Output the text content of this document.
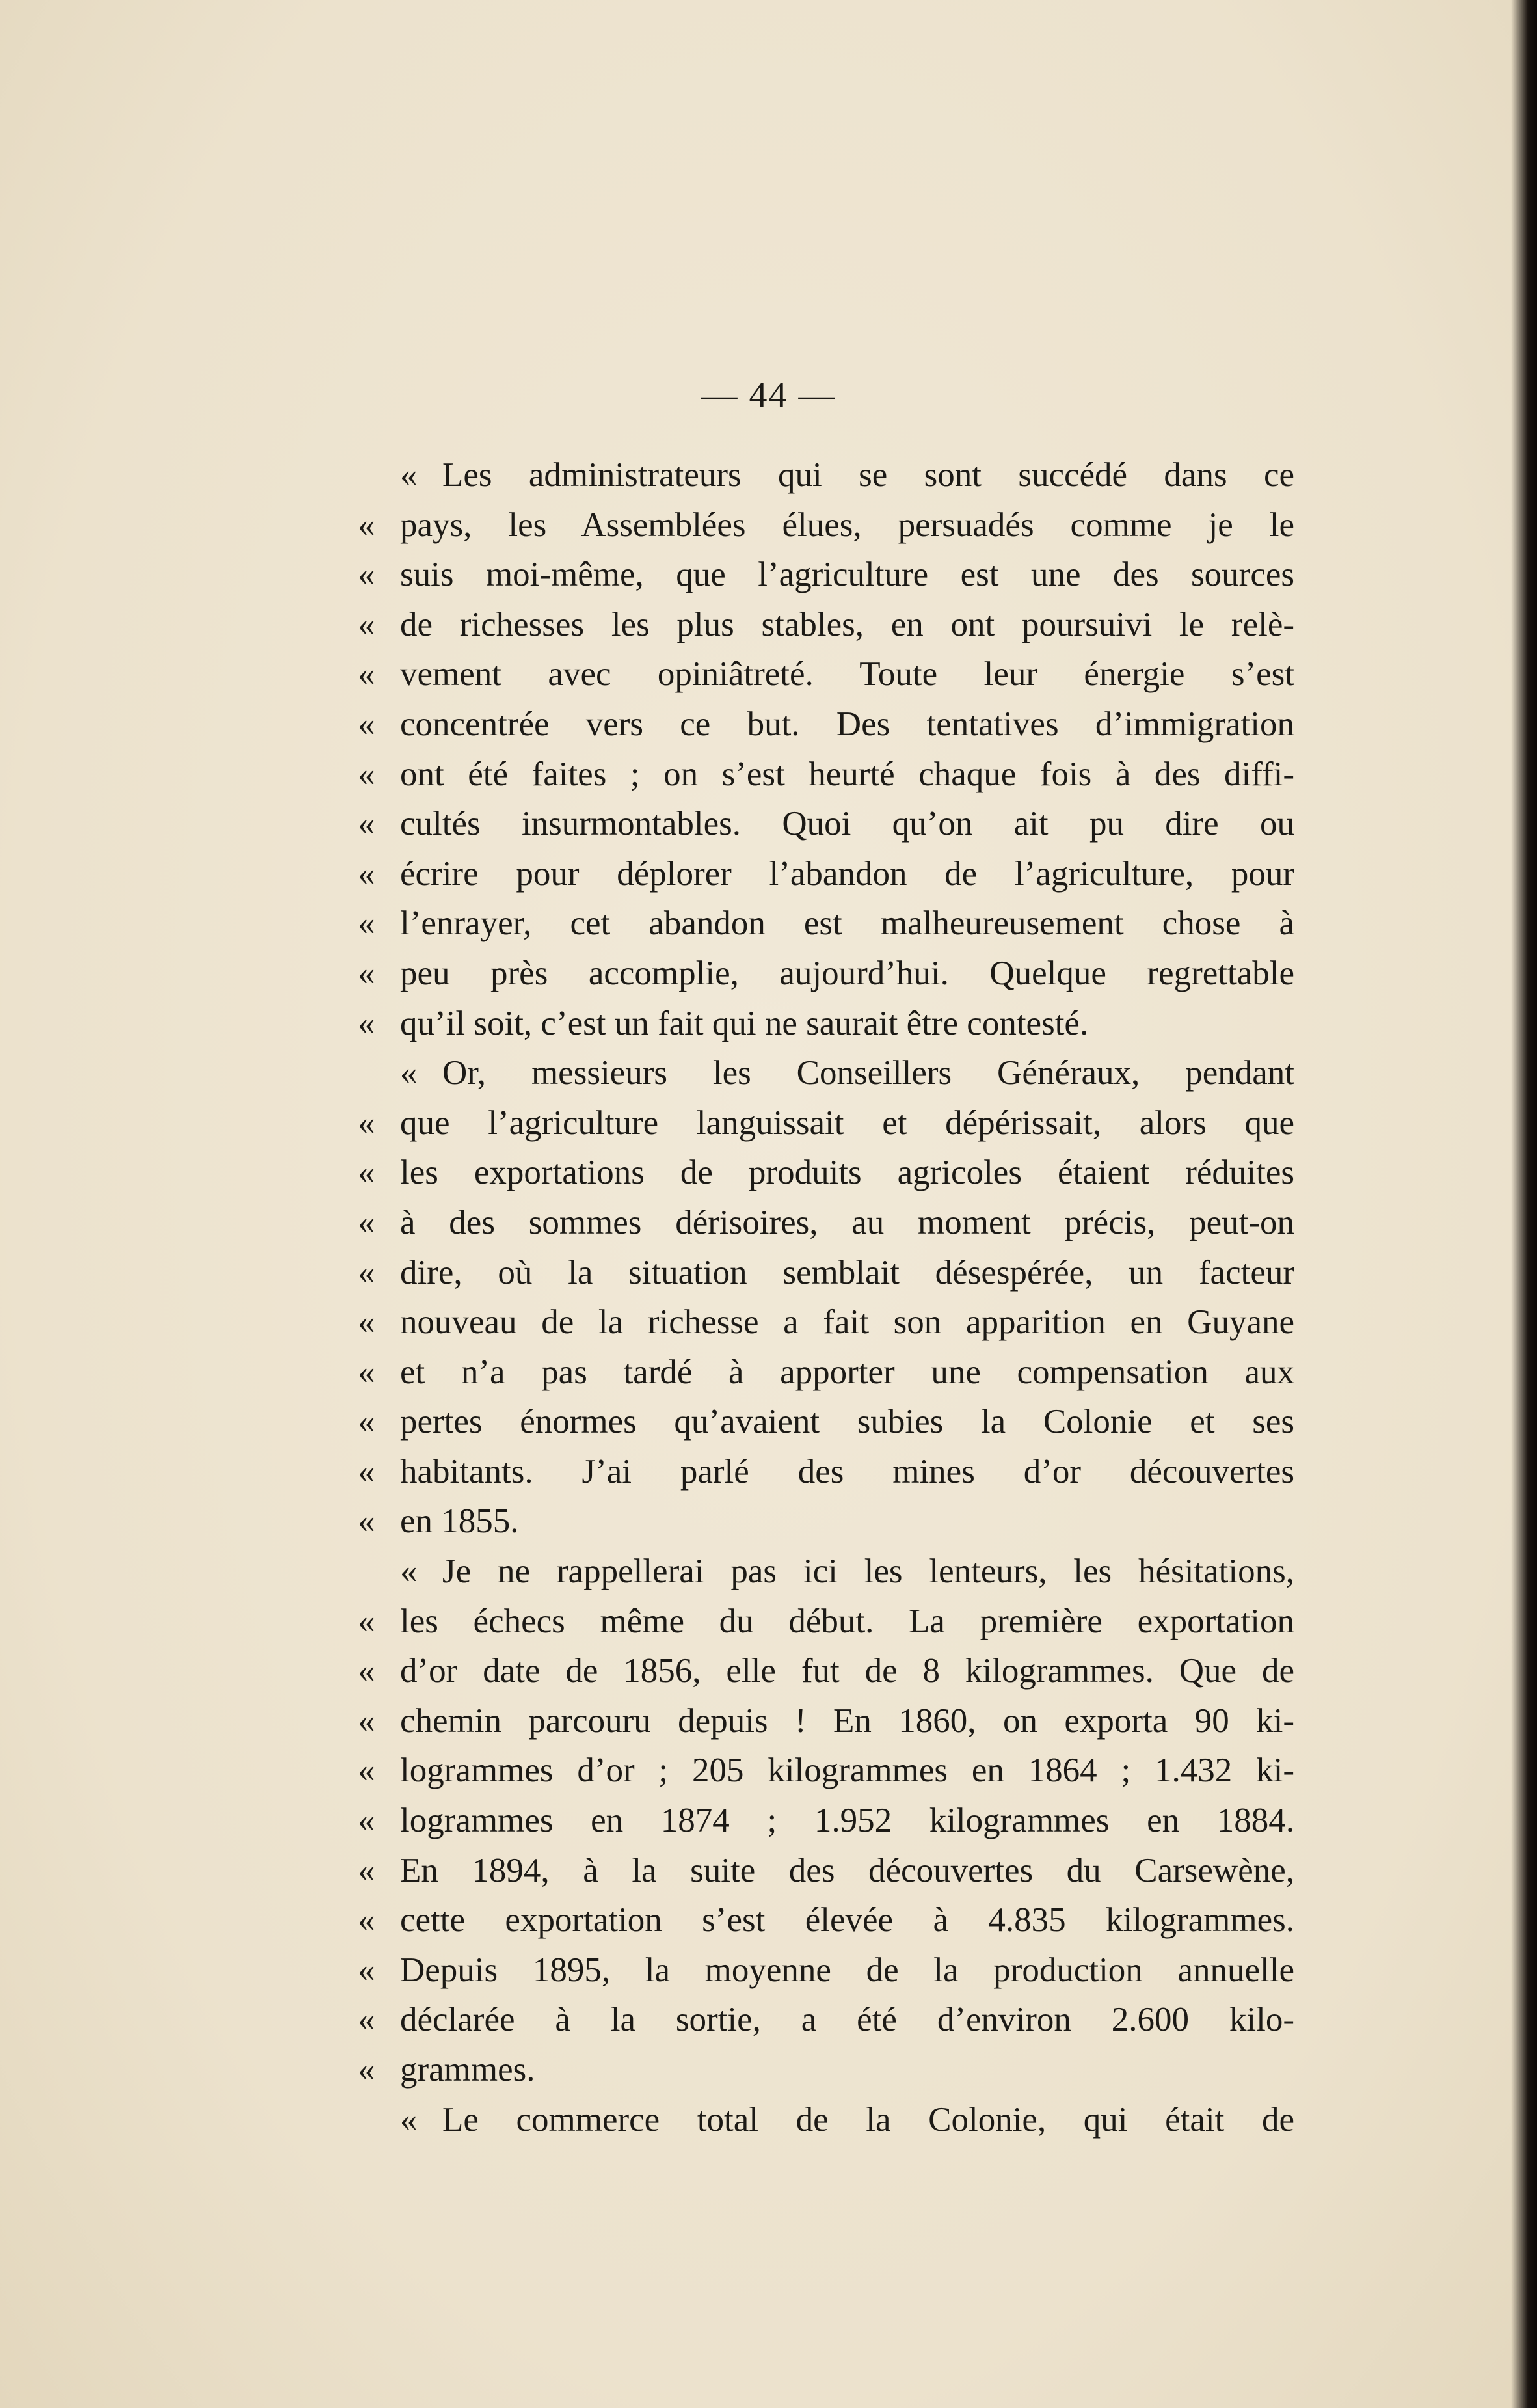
— 44 —
« Les administrateurs qui se sont succédé dans ce
« pays, les Assemblées élues, persuadés comme je le
« suis moi-même, que l’agriculture est une des sources
« de richesses les plus stables, en ont poursuivi le relè-
« vement avec opiniâtreté. Toute leur énergie s’est
« concentrée vers ce but. Des tentatives d’immigration
« ont été faites ; on s’est heurté chaque fois à des diffi-
« cultés insurmontables. Quoi qu’on ait pu dire ou
« écrire pour déplorer l’abandon de l’agriculture, pour
« l’enrayer, cet abandon est malheureusement chose à
« peu près accomplie, aujourd’hui. Quelque regrettable
« qu’il soit, c’est un fait qui ne saurait être contesté.
« Or, messieurs les Conseillers Généraux, pendant
« que l’agriculture languissait et dépérissait, alors que
« les exportations de produits agricoles étaient réduites
« à des sommes dérisoires, au moment précis, peut-on
« dire, où la situation semblait désespérée, un facteur
« nouveau de la richesse a fait son apparition en Guyane
« et n’a pas tardé à apporter une compensation aux
« pertes énormes qu’avaient subies la Colonie et ses
« habitants. J’ai parlé des mines d’or découvertes
« en 1855.
« Je ne rappellerai pas ici les lenteurs, les hésitations,
« les échecs même du début. La première exportation
« d’or date de 1856, elle fut de 8 kilogrammes. Que de
« chemin parcouru depuis ! En 1860, on exporta 90 ki-
« logrammes d’or ; 205 kilogrammes en 1864 ; 1.432 ki-
« logrammes en 1874 ; 1.952 kilogrammes en 1884.
« En 1894, à la suite des découvertes du Carsewène,
« cette exportation s’est élevée à 4.835 kilogrammes.
« Depuis 1895, la moyenne de la production annuelle
« déclarée à la sortie, a été d’environ 2.600 kilo-
« grammes.
« Le commerce total de la Colonie, qui était de
